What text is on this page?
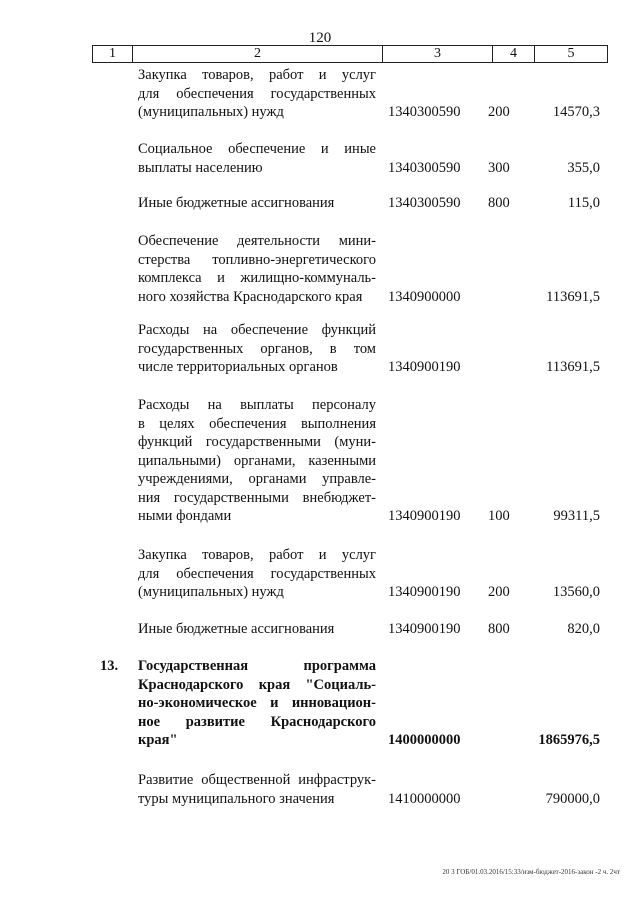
120
1	2	3	4	5
Закупка товаров, работ и услуг
для обеспечения государственных
(муниципальных) нужд	1340300590 200	14570,3
Социальное обеспечение и иные
выплаты населению	1340300590 300	355,0
Иные бюджетные ассигнования	1340300590 800	115,0
Обеспечение деятельности мини-
стерства топливно-энергетического
комплекса и жилищно-коммуналь-
ного хозяйства Краснодарского края	1340900000	113691,5
Расходы на обеспечение функций
государственных органов, в том
числе территориальных органов	1340900190	113691,5
Расходы на выплаты персоналу
в целях обеспечения выполнения
функций государственными (муни-
ципальными) органами, казенными
учреждениями, органами управле-
ния государственными внебюджет-
ными фондами	1340900190 100	99311,5
Закупка товаров, работ и услуг
для обеспечения государственных
(муниципальных) нужд	1340900190 200	13560,0
Иные бюджетные ассигнования	1340900190 800	820,0
13. Государственная программа
Краснодарского края "Социаль-
но-экономическое и инновацион-
ное развитие Краснодарского
края"	1400000000	1865976,5
Развитие общественной инфраструк-
туры муниципального значения	1410000000	790000,0
20 3 ГОБ/01.03.2016/15:33/изм-бюджет-2016-закон -2 ч. 2чт
